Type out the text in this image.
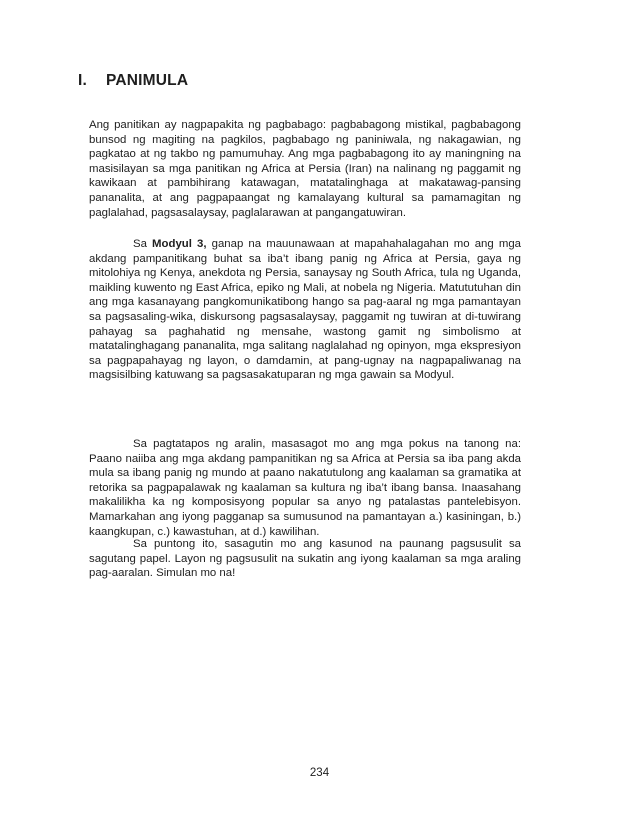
I. PANIMULA

Ang panitikan ay nagpapakita ng pagbabago: pagbabagong mistikal, pagbabagong bunsod ng magiting na pagkilos, pagbabago ng paniniwala, ng nakagawian, ng pagkatao at ng takbo ng pamumuhay. Ang mga pagbabagong ito ay maningning na masisilayan sa mga panitikan ng Africa at Persia (Iran) na nalinang ng paggamit ng kawikaan at pambihirang katawagan, matatalinghaga at makatawag-pansing pananalita, at ang pagpapaangat ng kamalayang kultural sa pamamagitan ng paglalahad, pagsasalaysay, paglalarawan at pangangatuwiran.

Sa Modyul 3, ganap na mauunawaan at mapahahalagahan mo ang mga akdang pampanitikang buhat sa iba’t ibang panig ng Africa at Persia, gaya ng mitolohiya ng Kenya, anekdota ng Persia, sanaysay ng South Africa, tula ng Uganda, maikling kuwento ng East Africa, epiko ng Mali, at nobela ng Nigeria. Matututuhan din ang mga kasanayang pangkomunikatibong hango sa pag-aaral ng mga pamantayan sa pagsasaling-wika, diskursong pagsasalaysay, paggamit ng tuwiran at di-tuwirang pahayag sa paghahatid ng mensahe, wastong gamit ng simbolismo at matatalinghagang pananalita, mga salitang naglalahad ng opinyon, mga ekspresiyon sa pagpapahayag ng layon, o damdamin, at pang-ugnay na nagpapaliwanag na magsisilbing katuwang sa pagsasakatuparan ng mga gawain sa Modyul.

Sa pagtatapos ng aralin, masasagot mo ang mga pokus na tanong na: Paano naiiba ang mga akdang pampanitikan ng sa Africa at Persia sa iba pang akda mula sa ibang panig ng mundo at paano nakatutulong ang kaalaman sa gramatika at retorika sa pagpapalawak ng kaalaman sa kultura ng iba’t ibang bansa. Inaasahang makalilikha ka ng komposisyong popular sa anyo ng patalastas pantelebisyon. Mamarkahan ang iyong pagganap sa sumusunod na pamantayan a.) kasiningan, b.) kaangkupan, c.) kawastuhan, at d.) kawilihan.

Sa puntong ito, sasagutin mo ang kasunod na paunang pagsusulit sa sagutang papel. Layon ng pagsusulit na sukatin ang iyong kaalaman sa mga araling pag-aaralan. Simulan mo na!

234
